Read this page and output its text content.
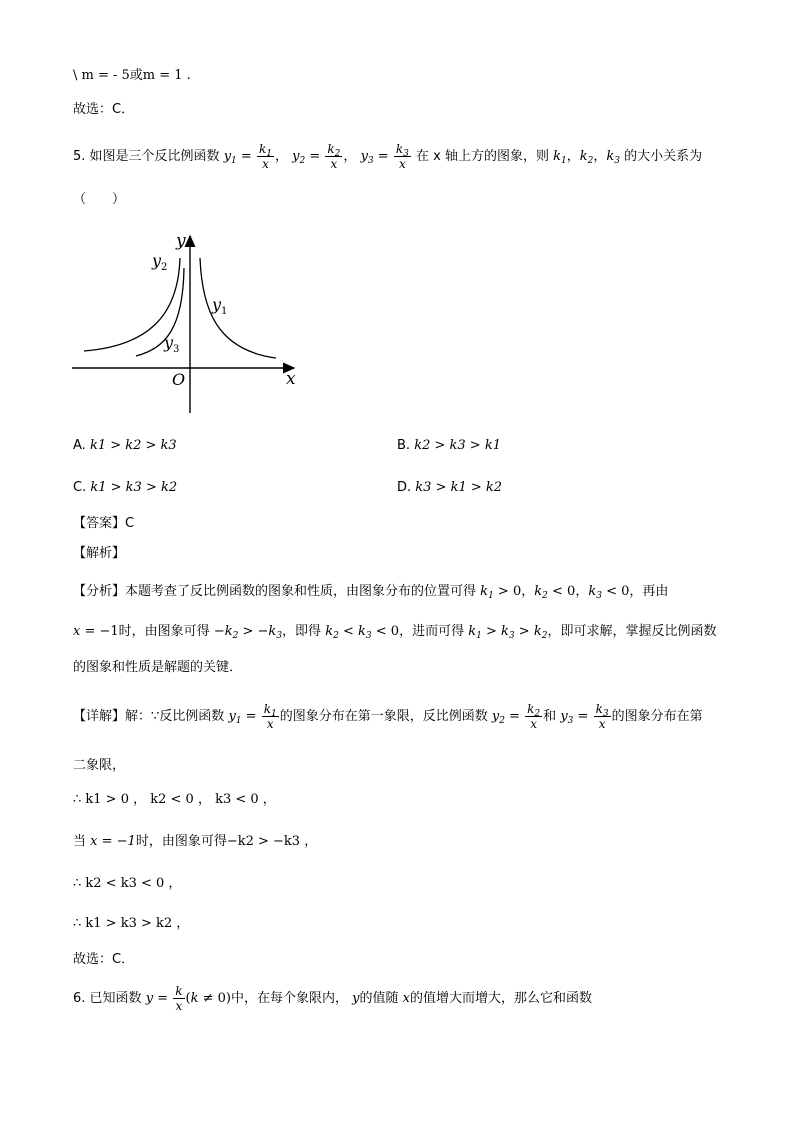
\ m = - 5或m = 1 .
故选：C．
5. 如图是三个反比例函数 $y_1 = \frac{k_1}{x}$ ， $y_2 = \frac{k_2}{x}$ ， $y_3 = \frac{k_3}{x}$ 在 x 轴上方的图象，则 $k_1$，$k_2$，$k_3$ 的大小关系为
（　　）
y
x
O
$y_2$
$y_1$
$y_3$
A. k1 > k2 > k3	B. k2 > k3 > k1
C. k1 > k3 > k2	D. k3 > k1 > k2
【答案】C
【解析】
【分析】本题考查了反比例函数的图象和性质，由图象分布的位置可得 $k_1 > 0$，$k_2 < 0$，$k_3 < 0$，再由
x = −1时，由图象可得 $-k_2 > -k_3$，即得 $k_2 < k_3 < 0$，进而可得 $k_1 > k_3 > k_2$，即可求解，掌握反比例函数
的图象和性质是解题的关键．
【详解】解：∵反比例函数 $y_1 = \frac{k_1}{x}$ 的图象分布在第一象限，反比例函数 $y_2 = \frac{k_2}{x}$ 和 $y_3 = \frac{k_3}{x}$ 的图象分布在第
二象限，
∴ k1 > 0 ， k2 < 0 ， k3 < 0 ，
当 x = −1时，由图象可得−k2 > −k3 ，
∴ k2 < k3 < 0 ，
∴ k1 > k3 > k2 ，
故选：C．
6. 已知函数 $y = \frac{k}{x} (k \ne 0)$中，在每个象限内， y的值随 x的值增大而增大，那么它和函数
